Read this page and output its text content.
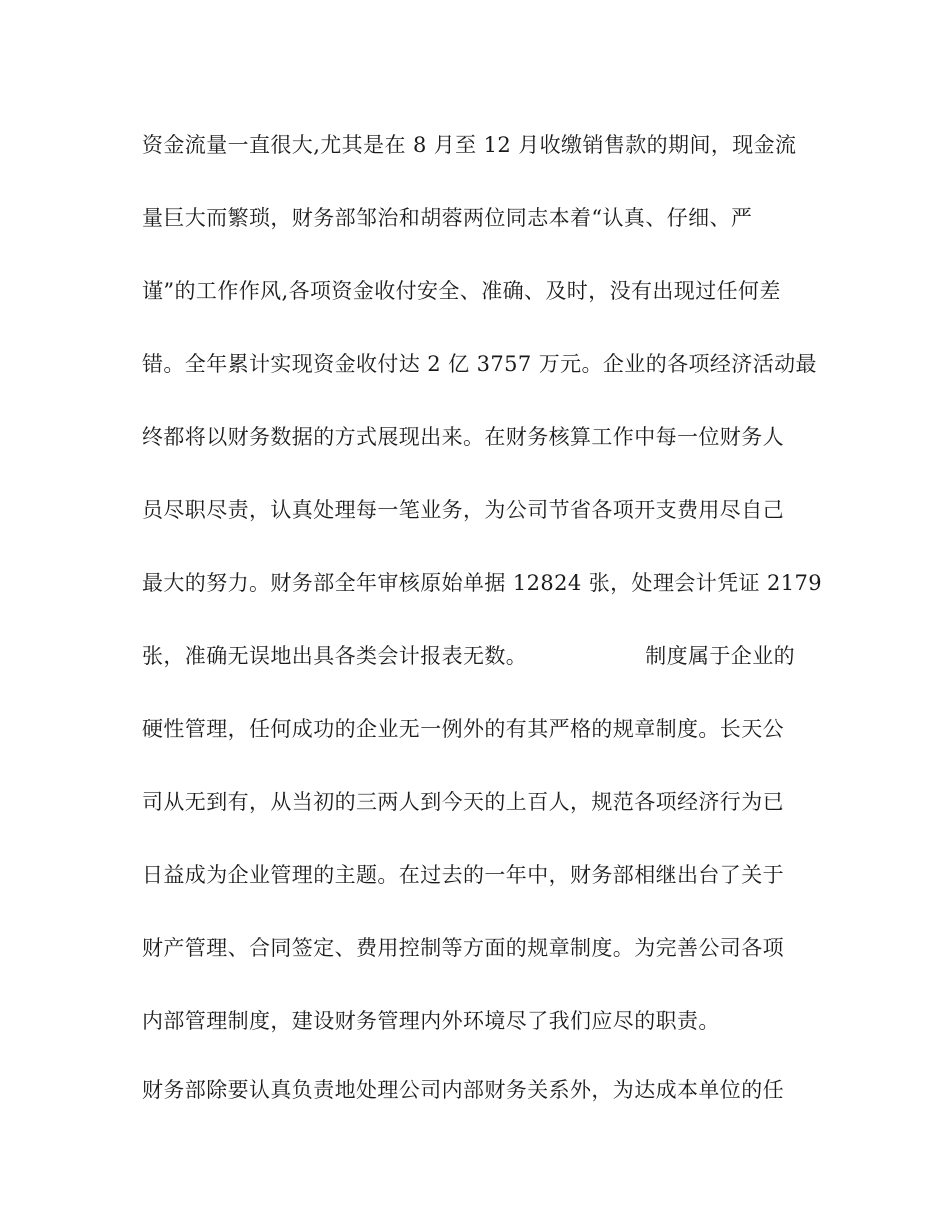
资金流量一直很大,尤其是在 8 月至 12 月收缴销售款的期间，现金流
量巨大而繁琐，财务部邹治和胡蓉两位同志本着“认真、仔细、严
谨”的工作作风,各项资金收付安全、准确、及时，没有出现过任何差
错。全年累计实现资金收付达 2 亿 3757 万元。企业的各项经济活动最
终都将以财务数据的方式展现出来。在财务核算工作中每一位财务人
员尽职尽责，认真处理每一笔业务，为公司节省各项开支费用尽自己
最大的努力。财务部全年审核原始单据 12824 张，处理会计凭证 2179
张，准确无误地出具各类会计报表无数。	制度属于企业的
硬性管理，任何成功的企业无一例外的有其严格的规章制度。长天公
司从无到有，从当初的三两人到今天的上百人，规范各项经济行为已
日益成为企业管理的主题。在过去的一年中，财务部相继出台了关于
财产管理、合同签定、费用控制等方面的规章制度。为完善公司各项
内部管理制度，建设财务管理内外环境尽了我们应尽的职责。
财务部除要认真负责地处理公司内部财务关系外，为达成本单位的任
